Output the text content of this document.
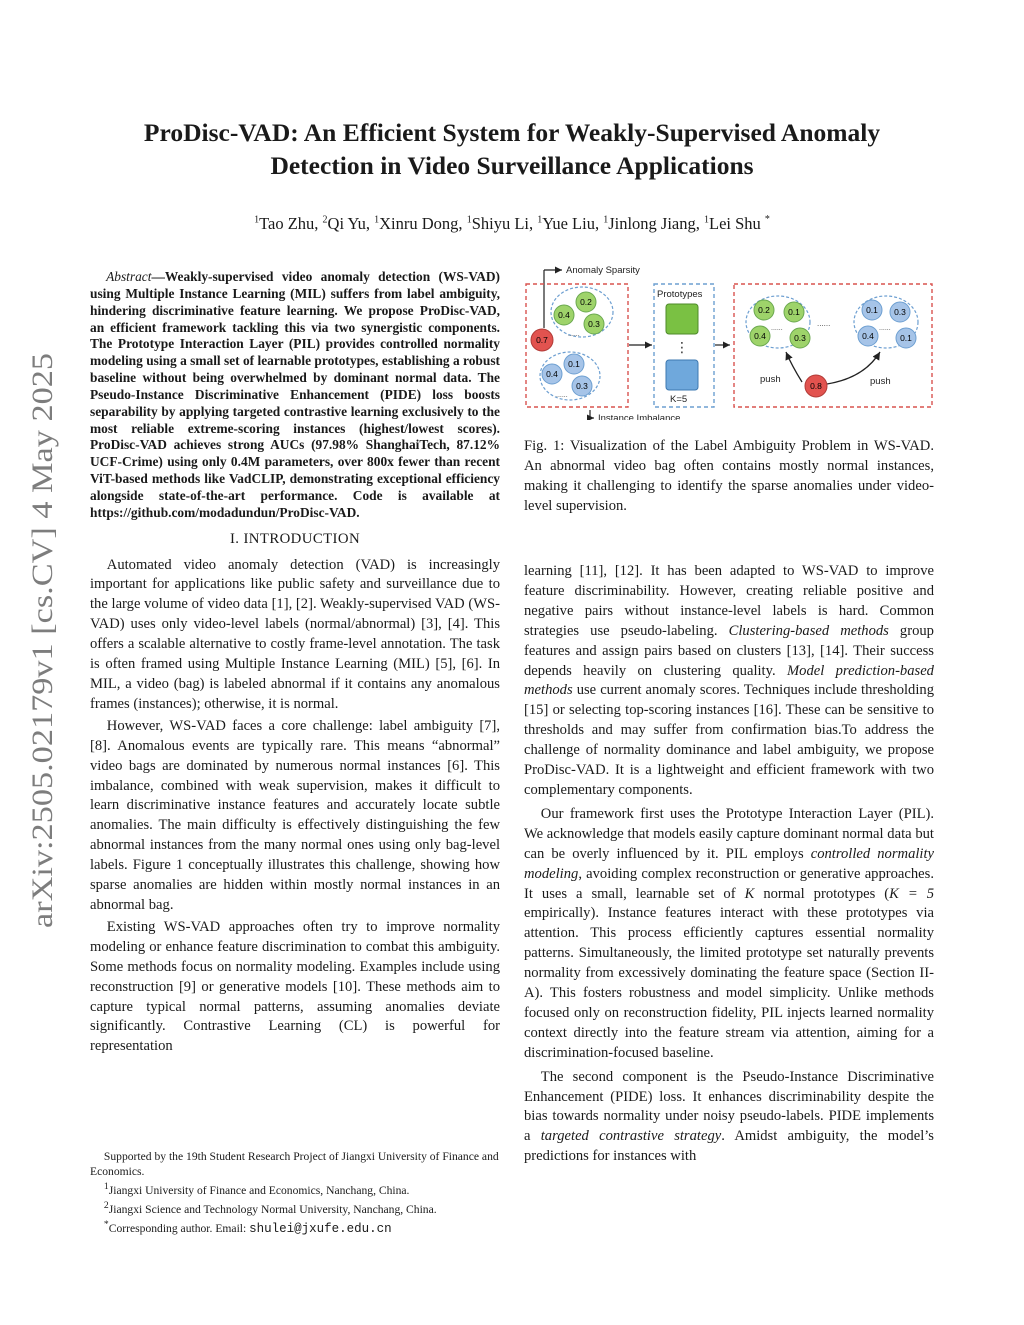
arXiv:2505.02179v1 [cs.CV] 4 May 2025
ProDisc-VAD: An Efficient System for Weakly-Supervised Anomaly
Detection in Video Surveillance Applications
$^1$Tao Zhu, $^2$Qi Yu, $^1$Xinru Dong, $^1$Shiyu Li, $^1$Yue Liu, $^1$Jinlong Jiang, $^1$Lei Shu *

Abstract—Weakly-supervised video anomaly detection (WS-VAD) using Multiple Instance Learning (MIL) suffers from label ambiguity, hindering discriminative feature learning. We propose ProDisc-VAD, an efficient framework tackling this via two synergistic components. The Prototype Interaction Layer (PIL) provides controlled normality modeling using a small set of learnable prototypes, establishing a robust baseline without being overwhelmed by dominant normal data. The Pseudo-Instance Discriminative Enhancement (PIDE) loss boosts separability by applying targeted contrastive learning exclusively to the most reliable extreme-scoring instances (highest/lowest scores). ProDisc-VAD achieves strong AUCs (97.98% ShanghaiTech, 87.12% UCF-Crime) using only 0.4M parameters, over 800x fewer than recent ViT-based methods like VadCLIP, demonstrating exceptional efficiency alongside state-of-the-art performance. Code is available at https://github.com/modadundun/ProDisc-VAD.

I. INTRODUCTION

Automated video anomaly detection (VAD) is increasingly important for applications like public safety and surveillance due to the large volume of video data [1], [2]. Weakly-supervised VAD (WS-VAD) uses only video-level labels (normal/abnormal) [3], [4]. This offers a scalable alternative to costly frame-level annotation. The task is often framed using Multiple Instance Learning (MIL) [5], [6]. In MIL, a video (bag) is labeled abnormal if it contains any anomalous frames (instances); otherwise, it is normal.

However, WS-VAD faces a core challenge: label ambiguity [7], [8]. Anomalous events are typically rare. This means “abnormal” video bags are dominated by numerous normal instances [6]. This imbalance, combined with weak supervision, makes it difficult to learn discriminative instance features and accurately locate subtle anomalies. The main difficulty is effectively distinguishing the few abnormal instances from the many normal ones using only bag-level labels. Figure 1 conceptually illustrates this challenge, showing how sparse anomalies are hidden within mostly normal instances in an abnormal bag.

Existing WS-VAD approaches often try to improve normality modeling or enhance feature discrimination to combat this ambiguity. Some methods focus on normality modeling. Examples include using reconstruction [9] or generative models [10]. These methods aim to capture typical normal patterns, assuming anomalies deviate significantly. Contrastive Learning (CL) is powerful for representation

Supported by the 19th Student Research Project of Jiangxi University of Finance and Economics.
$^1$Jiangxi University of Finance and Economics, Nanchang, China.
$^2$Jiangxi Science and Technology Normal University, Nanchang, China.
*Corresponding author. Email: shulei@jxufe.edu.cn
Anomaly Sparsity
0.4
0.2
0.3
......
0.7
0.4
0.1
0.3
......
Instance Imbalance
Prototypes
⋮
K=5
0.2 0.1
0.4	0.3
......
......
0.1 0.3
0.4	0.1
......
push	push
0.8
Fig. 1: Visualization of the Label Ambiguity Problem in WS-VAD. An abnormal video bag often contains mostly normal instances, making it challenging to identify the sparse anomalies under video-level supervision.

learning [11], [12]. It has been adapted to WS-VAD to improve feature discriminability. However, creating reliable positive and negative pairs without instance-level labels is hard. Common strategies use pseudo-labeling. Clustering-based methods group features and assign pairs based on clusters [13], [14]. Their success depends heavily on clustering quality. Model prediction-based methods use current anomaly scores. Techniques include thresholding [15] or selecting top-scoring instances [16]. These can be sensitive to thresholds and may suffer from confirmation bias.To address the challenge of normality dominance and label ambiguity, we propose ProDisc-VAD. It is a lightweight and efficient framework with two complementary components.

Our framework first uses the Prototype Interaction Layer (PIL). We acknowledge that models easily capture dominant normal data but can be overly influenced by it. PIL employs controlled normality modeling, avoiding complex reconstruction or generative approaches. It uses a small, learnable set of K normal prototypes (K = 5 empirically). Instance features interact with these prototypes via attention. This process efficiently captures essential normality patterns. Simultaneously, the limited prototype set naturally prevents normality from excessively dominating the feature space (Section II-A). This fosters robustness and model simplicity. Unlike methods focused only on reconstruction fidelity, PIL injects learned normality context directly into the feature stream via attention, aiming for a discrimination-focused baseline.

The second component is the Pseudo-Instance Discriminative Enhancement (PIDE) loss. It enhances discriminability despite the bias towards normality under noisy pseudo-labels. PIDE implements a targeted contrastive strategy. Amidst ambiguity, the model’s predictions for instances with
